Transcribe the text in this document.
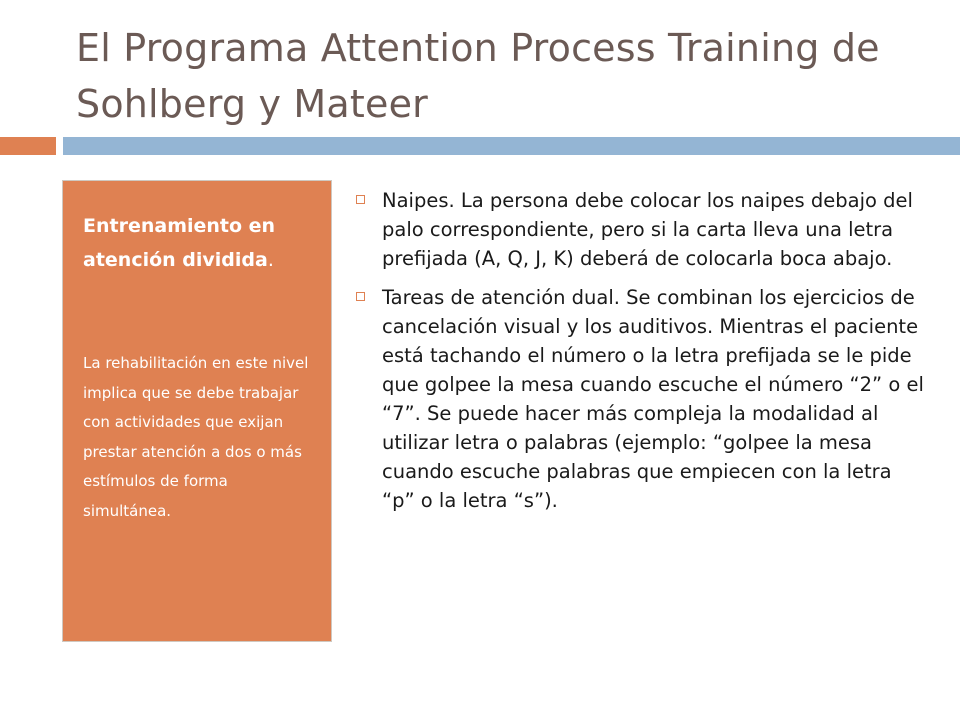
El Programa Attention Process Training de Sohlberg y Mateer

Entrenamiento en atención dividida.

La rehabilitación en este nivel implica que se debe trabajar con actividades que exijan prestar atención a dos o más estímulos de forma simultánea.
Naipes. La persona debe colocar los naipes debajo del palo correspondiente, pero si la carta lleva una letra prefijada (A, Q, J, K) deberá de colocarla boca abajo.
Tareas de atención dual. Se combinan los ejercicios de cancelación visual y los auditivos. Mientras el paciente está tachando el número o la letra prefijada se le pide que golpee la mesa cuando escuche el número “2” o el “7”. Se puede hacer más compleja la modalidad al utilizar letra o palabras (ejemplo: “golpee la mesa cuando escuche palabras que empiecen con la letra “p” o la letra “s”).
